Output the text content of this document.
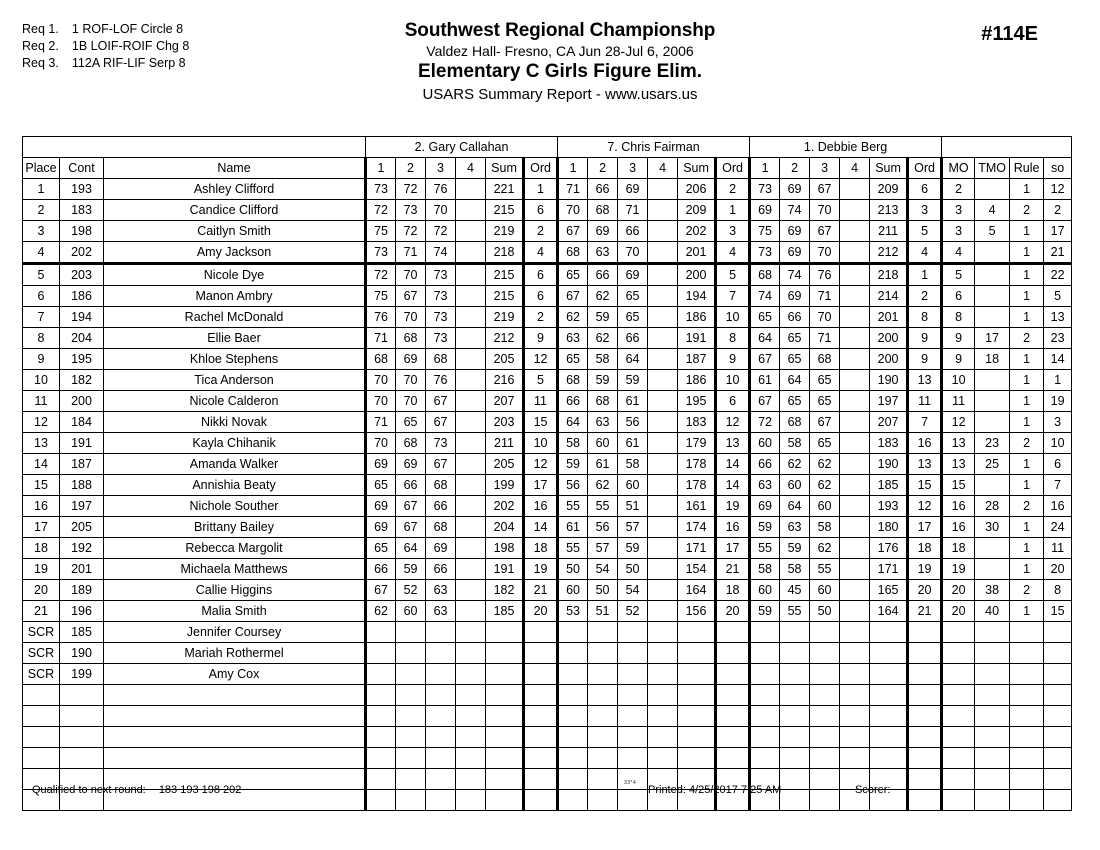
Req 1. 1 ROF-LOF Circle 8
Req 2. 1B LOIF-ROIF Chg 8
Req 3. 112A RIF-LIF Serp 8
Southwest Regional Championshp
Valdez Hall- Fresno, CA Jun 28-Jul 6, 2006
Elementary C Girls Figure Elim.
USARS Summary Report - www.usars.us
#114E
			2. Gary Callahan						7. Chris Fairman						1. Debbie Berg									
Place	Cont	Name	1	2	3	4	Sum	Ord	1	2	3	4	Sum	Ord	1	2	3	4	Sum	Ord	MO	TMO	Rule	so
1	193	Ashley Clifford	73	72	76		221	1	71	66	69		206	2	73	69	67		209	6	2		1	12
2	183	Candice Clifford	72	73	70		215	6	70	68	71		209	1	69	74	70		213	3	3	4	2	2
3	198	Caitlyn Smith	75	72	72		219	2	67	69	66		202	3	75	69	67		211	5	3	5	1	17
4	202	Amy Jackson	73	71	74		218	4	68	63	70		201	4	73	69	70		212	4	4		1	21
5	203	Nicole Dye	72	70	73		215	6	65	66	69		200	5	68	74	76		218	1	5		1	22
6	186	Manon Ambry	75	67	73		215	6	67	62	65		194	7	74	69	71		214	2	6		1	5
7	194	Rachel McDonald	76	70	73		219	2	62	59	65		186	10	65	66	70		201	8	8		1	13
8	204	Ellie Baer	71	68	73		212	9	63	62	66		191	8	64	65	71		200	9	9	17	2	23
9	195	Khloe Stephens	68	69	68		205	12	65	58	64		187	9	67	65	68		200	9	9	18	1	14
10	182	Tica Anderson	70	70	76		216	5	68	59	59		186	10	61	64	65		190	13	10		1	1
11	200	Nicole Calderon	70	70	67		207	11	66	68	61		195	6	67	65	65		197	11	11		1	19
12	184	Nikki Novak	71	65	67		203	15	64	63	56		183	12	72	68	67		207	7	12		1	3
13	191	Kayla Chihanik	70	68	73		211	10	58	60	61		179	13	60	58	65		183	16	13	23	2	10
14	187	Amanda Walker	69	69	67		205	12	59	61	58		178	14	66	62	62		190	13	13	25	1	6
15	188	Annishia Beaty	65	66	68		199	17	56	62	60		178	14	63	60	62		185	15	15		1	7
16	197	Nichole Souther	69	67	66		202	16	55	55	51		161	19	69	64	60		193	12	16	28	2	16
17	205	Brittany Bailey	69	67	68		204	14	61	56	57		174	16	59	63	58		180	17	16	30	1	24
18	192	Rebecca Margolit	65	64	69		198	18	55	57	59		171	17	55	59	62		176	18	18		1	11
19	201	Michaela Matthews	66	59	66		191	19	50	54	50		154	21	58	58	55		171	19	19		1	20
20	189	Callie Higgins	67	52	63		182	21	60	50	54		164	18	60	45	60		165	20	20	38	2	8
21	196	Malia Smith	62	60	63		185	20	53	51	52		156	20	59	55	50		164	21	20	40	1	15
SCR	185	Jennifer Coursey																						
SCR	190	Mariah Rothermel																						
SCR	199	Amy Cox																						

Qualified to next round: 183 193 198 202
33*4
Printed: 4/25/2017 7:25 AM	Scorer:
